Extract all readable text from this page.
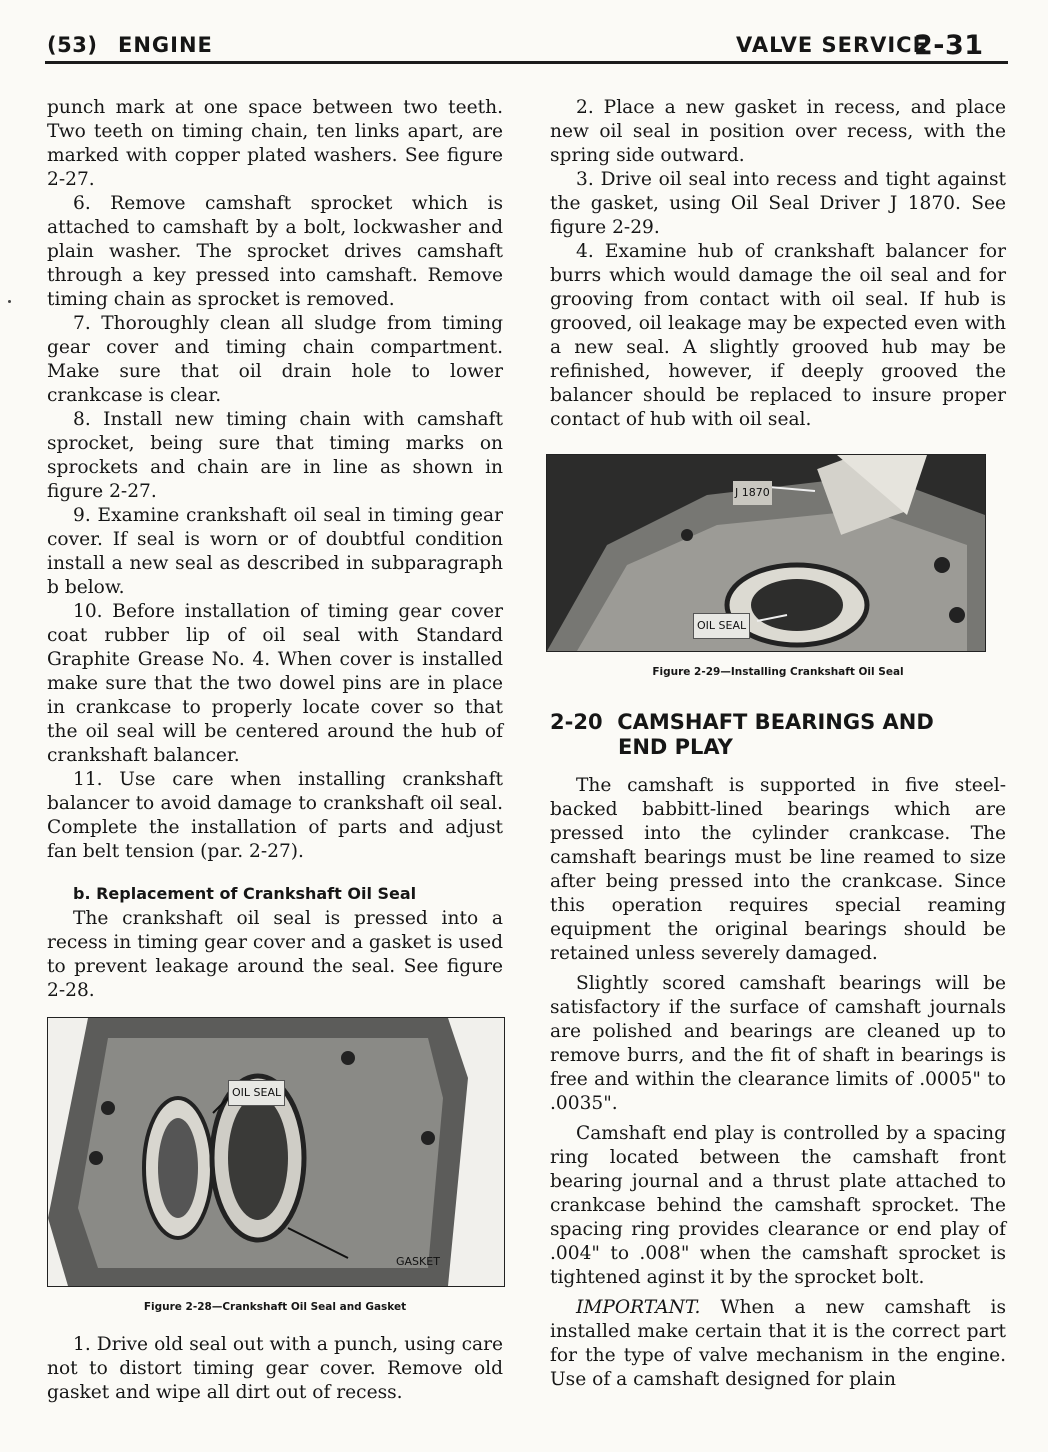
(53) ENGINE	VALVE SERVICE
2-31

punch mark at one space between two teeth. Two teeth on timing chain, ten links apart, are marked with copper plated washers. See figure 2-27.

6. Remove camshaft sprocket which is attached to camshaft by a bolt, lockwasher and plain washer. The sprocket drives camshaft through a key pressed into camshaft. Remove timing chain as sprocket is removed.

7. Thoroughly clean all sludge from timing gear cover and timing chain compartment. Make sure that oil drain hole to lower crankcase is clear.

8. Install new timing chain with camshaft sprocket, being sure that timing marks on sprockets and chain are in line as shown in figure 2-27.

9. Examine crankshaft oil seal in timing gear cover. If seal is worn or of doubtful condition install a new seal as described in subparagraph b below.

10. Before installation of timing gear cover coat rubber lip of oil seal with Standard Graphite Grease No. 4. When cover is installed make sure that the two dowel pins are in place in crankcase to properly locate cover so that the oil seal will be centered around the hub of crankshaft balancer.

11. Use care when installing crankshaft balancer to avoid damage to crankshaft oil seal. Complete the installation of parts and adjust fan belt tension (par. 2-27).

b. Replacement of Crankshaft Oil Seal

The crankshaft oil seal is pressed into a recess in timing gear cover and a gasket is used to prevent leakage around the seal. See figure 2-28.

OIL SEAL
GASKET

Figure 2-28—Crankshaft Oil Seal and Gasket

1. Drive old seal out with a punch, using care not to distort timing gear cover. Remove old gasket and wipe all dirt out of recess.

2. Place a new gasket in recess, and place new oil seal in position over recess, with the spring side outward.

3. Drive oil seal into recess and tight against the gasket, using Oil Seal Driver J 1870. See figure 2-29.

4. Examine hub of crankshaft balancer for burrs which would damage the oil seal and for grooving from contact with oil seal. If hub is grooved, oil leakage may be expected even with a new seal. A slightly grooved hub may be refinished, however, if deeply grooved the balancer should be replaced to insure proper contact of hub with oil seal.

J 1870
OIL SEAL

Figure 2-29—Installing Crankshaft Oil Seal

2-20 CAMSHAFT BEARINGS AND
END PLAY

The camshaft is supported in five steel-backed babbitt-lined bearings which are pressed into the cylinder crankcase. The camshaft bearings must be line reamed to size after being pressed into the crankcase. Since this operation requires special reaming equipment the original bearings should be retained unless severely damaged.

Slightly scored camshaft bearings will be satisfactory if the surface of camshaft journals are polished and bearings are cleaned up to remove burrs, and the fit of shaft in bearings is free and within the clearance limits of .0005" to .0035".

Camshaft end play is controlled by a spacing ring located between the camshaft front bearing journal and a thrust plate attached to crankcase behind the camshaft sprocket. The spacing ring provides clearance or end play of .004" to .008" when the camshaft sprocket is tightened aginst it by the sprocket bolt.

IMPORTANT. When a new camshaft is installed make certain that it is the correct part for the type of valve mechanism in the engine. Use of a camshaft designed for plain
